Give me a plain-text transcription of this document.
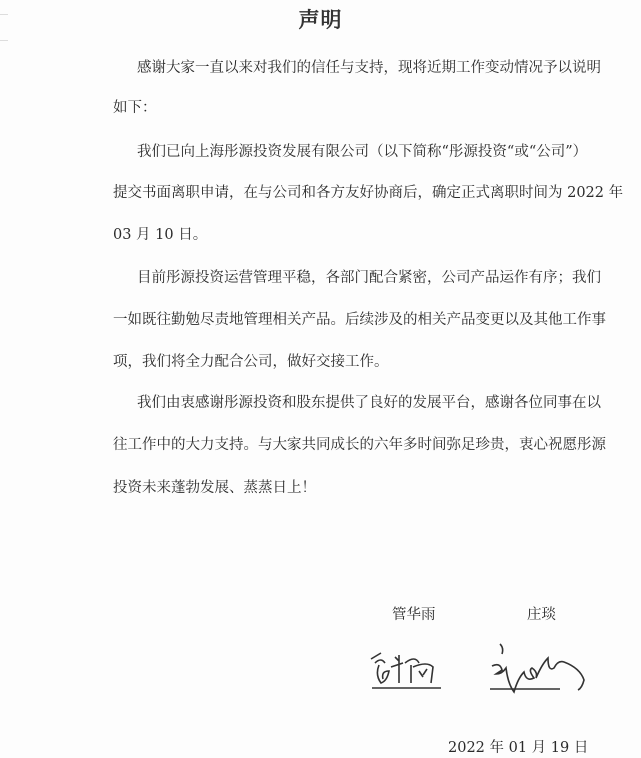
声明
感谢大家一直以来对我们的信任与支持，现将近期工作变动情况予以说明
如下：
我们已向上海彤源投资发展有限公司（以下简称“彤源投资“或“公司”）
提交书面离职申请，在与公司和各方友好协商后，确定正式离职时间为 2022 年
03 月 10 日。
目前彤源投资运营管理平稳，各部门配合紧密，公司产品运作有序；我们
一如既往勤勉尽责地管理相关产品。后续涉及的相关产品变更以及其他工作事
项，我们将全力配合公司，做好交接工作。
我们由衷感谢彤源投资和股东提供了良好的发展平台，感谢各位同事在以
往工作中的大力支持。与大家共同成长的六年多时间弥足珍贵，衷心祝愿彤源
投资未来蓬勃发展、蒸蒸日上！
管华雨	庄琰
2022 年 01 月 19 日
